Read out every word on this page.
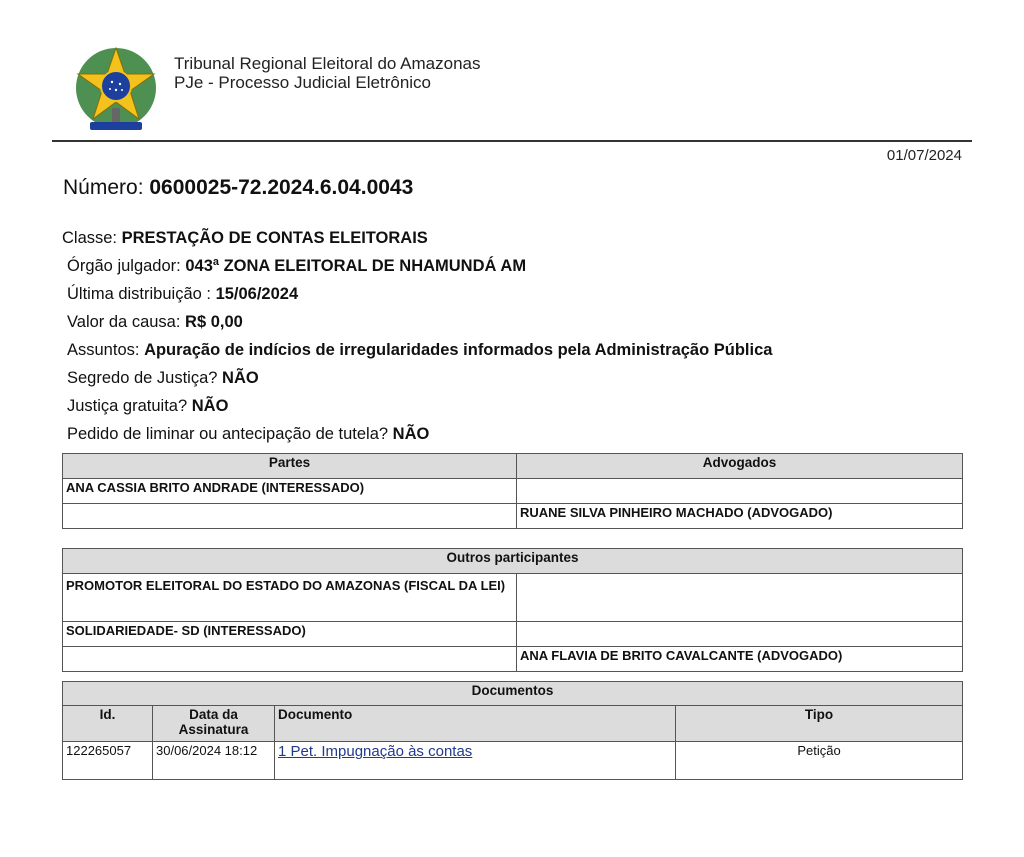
Tribunal Regional Eleitoral do Amazonas
PJe - Processo Judicial Eletrônico
01/07/2024
Número: 0600025-72.2024.6.04.0043
Classe: PRESTAÇÃO DE CONTAS ELEITORAIS
Órgão julgador: 043ª ZONA ELEITORAL DE NHAMUNDÁ AM
Última distribuição : 15/06/2024
Valor da causa: R$ 0,00
Assuntos: Apuração de indícios de irregularidades informados pela Administração Pública
Segredo de Justiça? NÃO
Justiça gratuita? NÃO
Pedido de liminar ou antecipação de tutela? NÃO
Partes	Advogados
ANA CASSIA BRITO ANDRADE (INTERESSADO)	
	RUANE SILVA PINHEIRO MACHADO (ADVOGADO)
Outros participantes	
PROMOTOR ELEITORAL DO ESTADO DO AMAZONAS (FISCAL DA LEI)	
SOLIDARIEDADE- SD (INTERESSADO)	
	ANA FLAVIA DE BRITO CAVALCANTE (ADVOGADO)
Documentos			
Id.	Data da Assinatura	Documento	Tipo
122265057	30/06/2024 18:12	1 Pet. Impugnação às contas	Petição
